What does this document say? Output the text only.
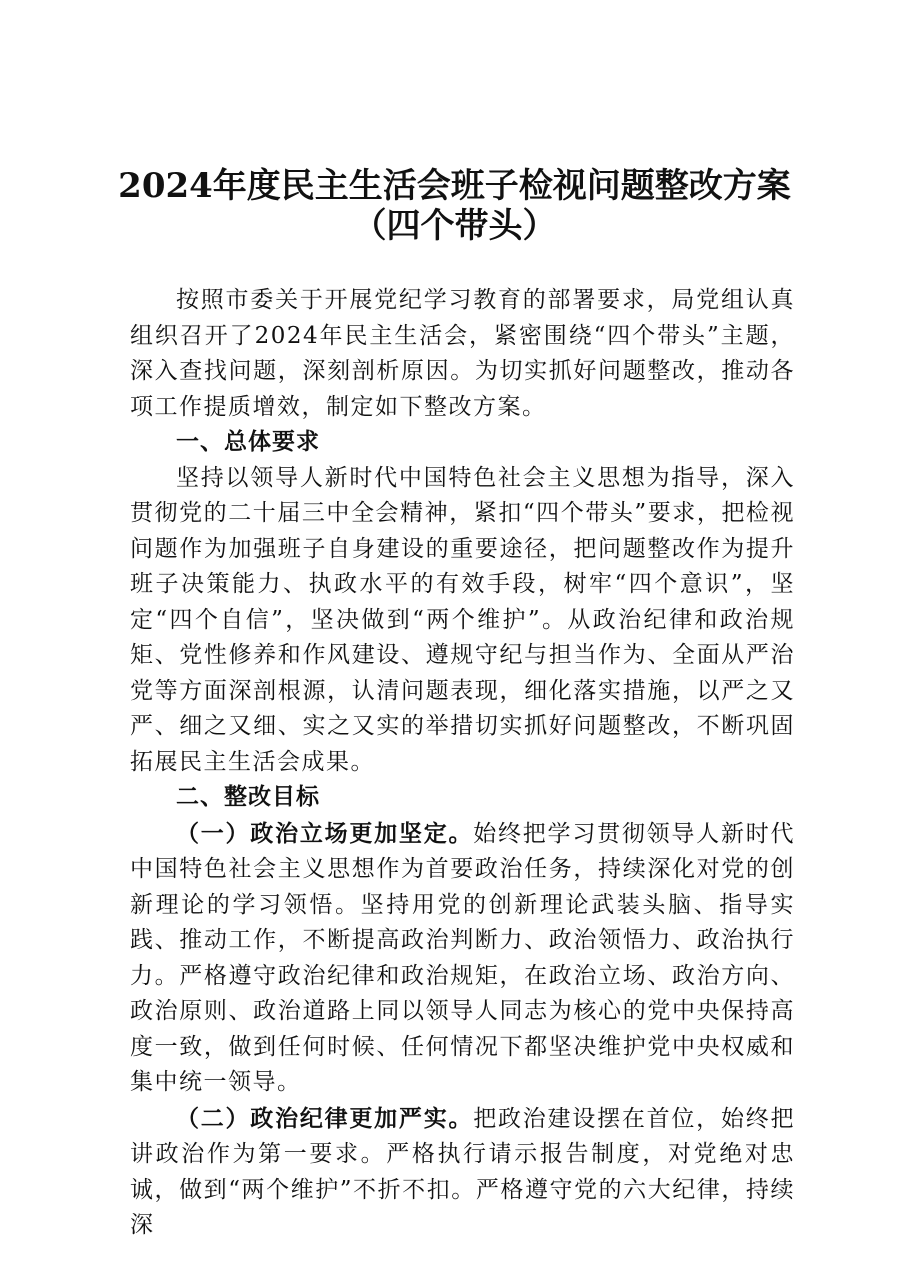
2024年度民主生活会班子检视问题整改方案
（四个带头）

按照市委关于开展党纪学习教育的部署要求，局党组认真组织召开了2024年民主生活会，紧密围绕“四个带头”主题，深入查找问题，深刻剖析原因。为切实抓好问题整改，推动各项工作提质增效，制定如下整改方案。

一、总体要求

坚持以领导人新时代中国特色社会主义思想为指导，深入贯彻党的二十届三中全会精神，紧扣“四个带头”要求，把检视问题作为加强班子自身建设的重要途径，把问题整改作为提升班子决策能力、执政水平的有效手段，树牢“四个意识”，坚定“四个自信”，坚决做到“两个维护”。从政治纪律和政治规矩、党性修养和作风建设、遵规守纪与担当作为、全面从严治党等方面深剖根源，认清问题表现，细化落实措施，以严之又严、细之又细、实之又实的举措切实抓好问题整改，不断巩固拓展民主生活会成果。

二、整改目标

（一）政治立场更加坚定。始终把学习贯彻领导人新时代中国特色社会主义思想作为首要政治任务，持续深化对党的创新理论的学习领悟。坚持用党的创新理论武装头脑、指导实践、推动工作，不断提高政治判断力、政治领悟力、政治执行力。严格遵守政治纪律和政治规矩，在政治立场、政治方向、政治原则、政治道路上同以领导人同志为核心的党中央保持高度一致，做到任何时候、任何情况下都坚决维护党中央权威和集中统一领导。

（二）政治纪律更加严实。把政治建设摆在首位，始终把讲政治作为第一要求。严格执行请示报告制度，对党绝对忠诚，做到“两个维护”不折不扣。严格遵守党的六大纪律，持续深
